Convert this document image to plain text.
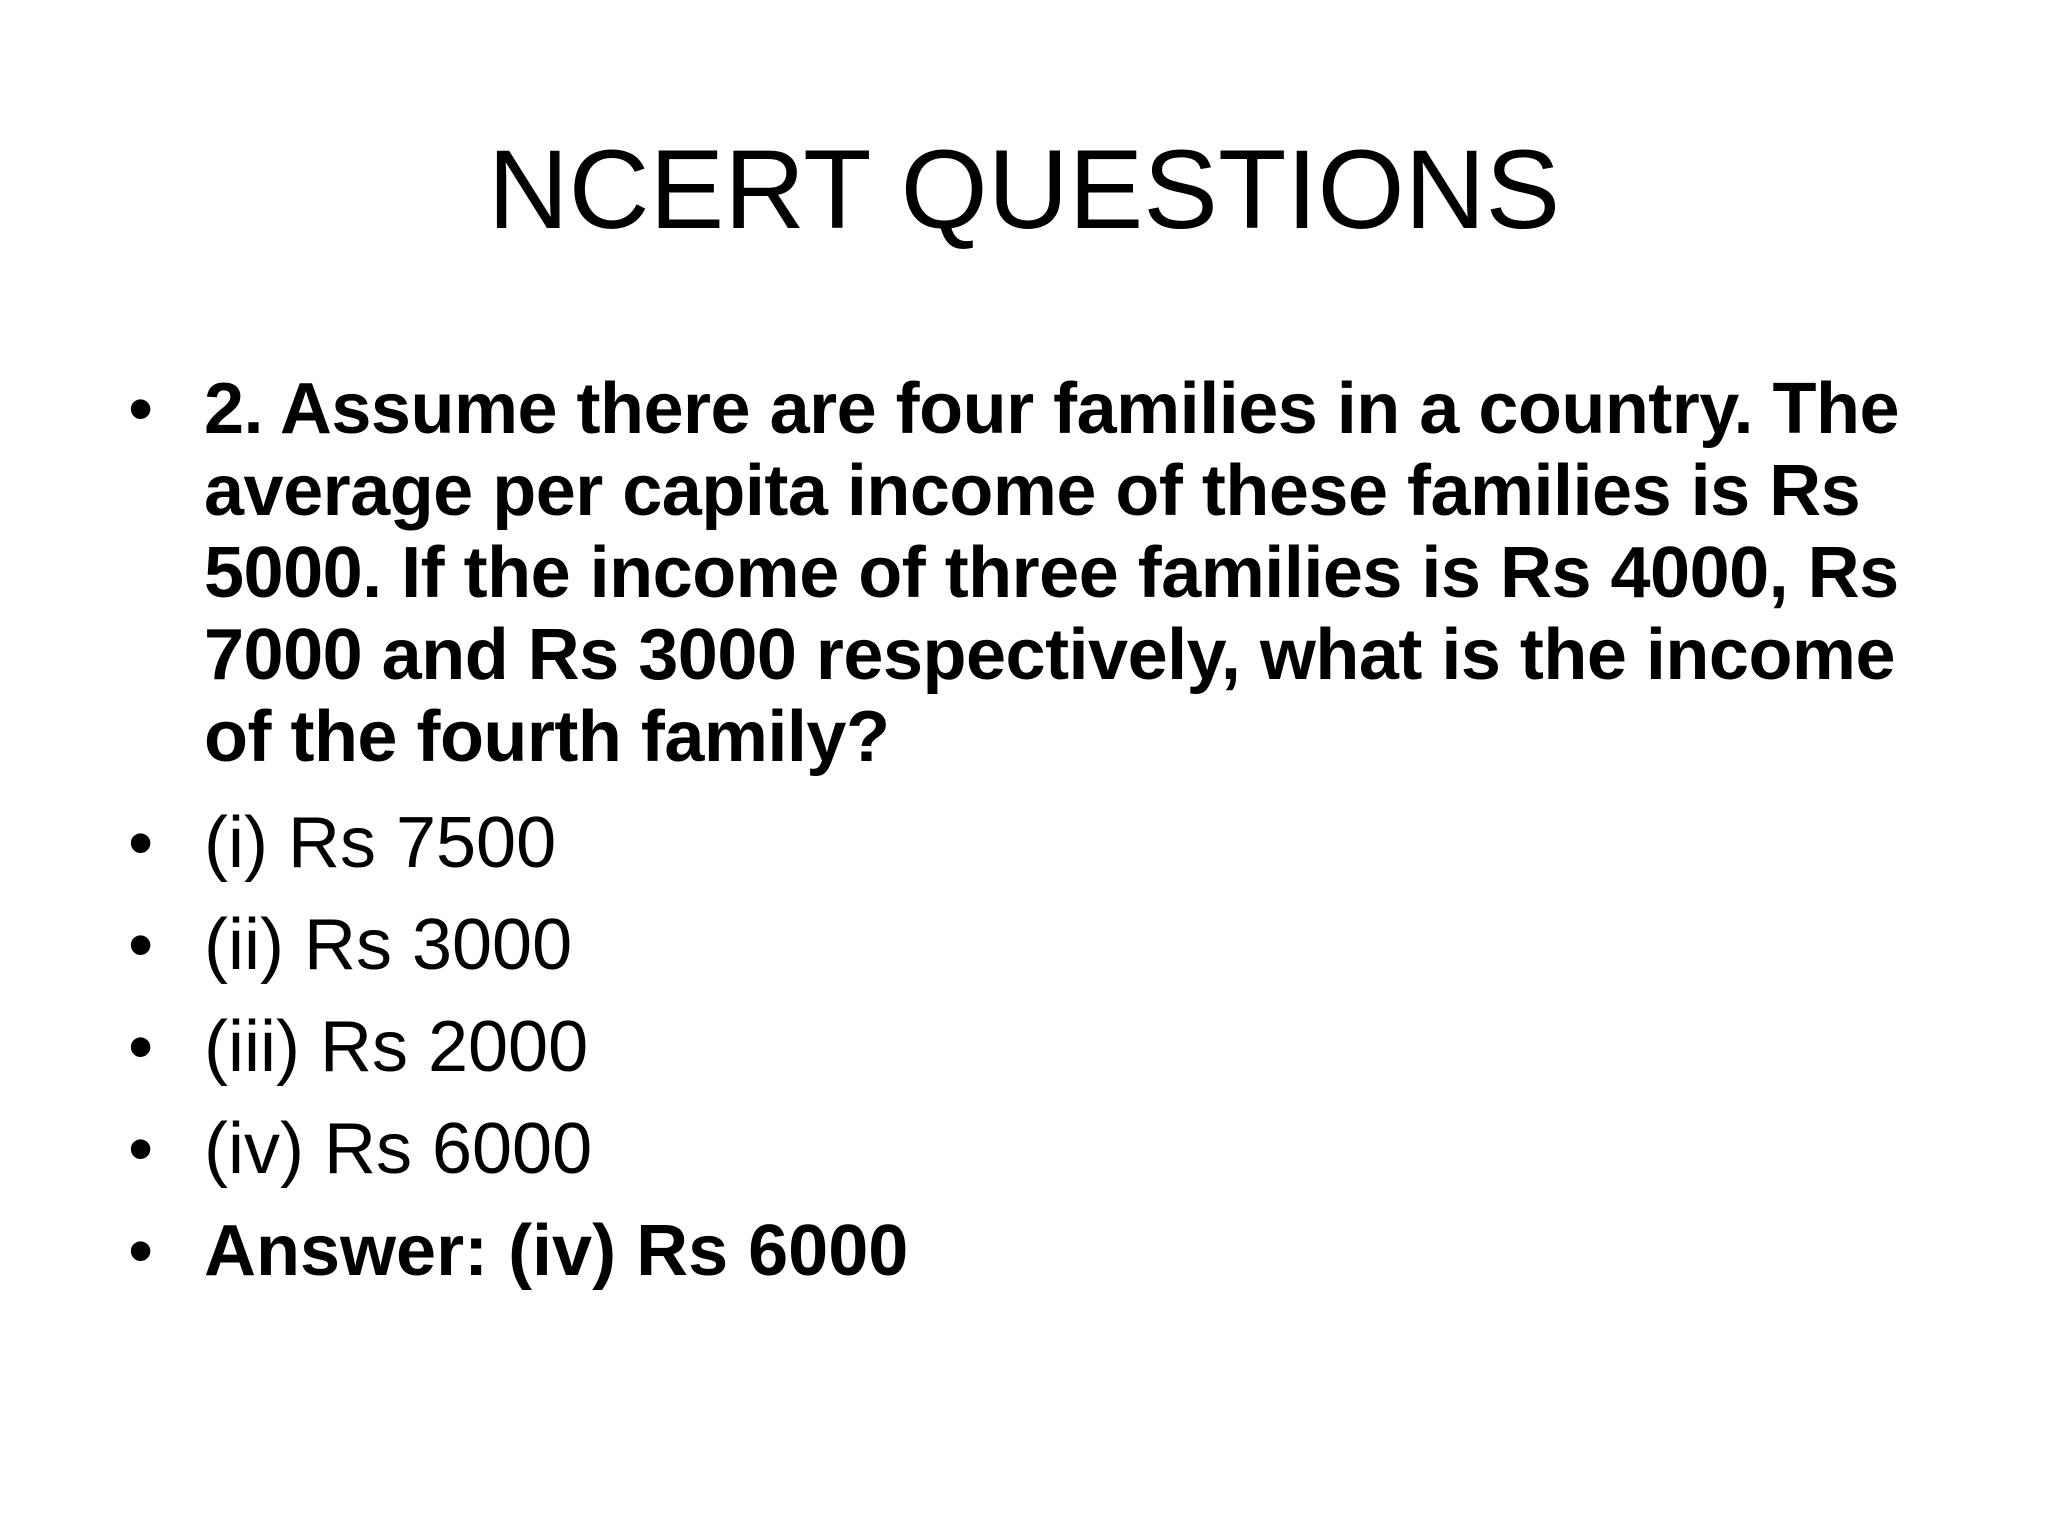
NCERT QUESTIONS
• 2. Assume there are four families in a country. The average per capita income of these families is Rs 5000. If the income of three families is Rs 4000, Rs 7000 and Rs 3000 respectively, what is the income of the fourth family?
• (i) Rs 7500
• (ii) Rs 3000
• (iii) Rs 2000
• (iv) Rs 6000
• Answer: (iv) Rs 6000
